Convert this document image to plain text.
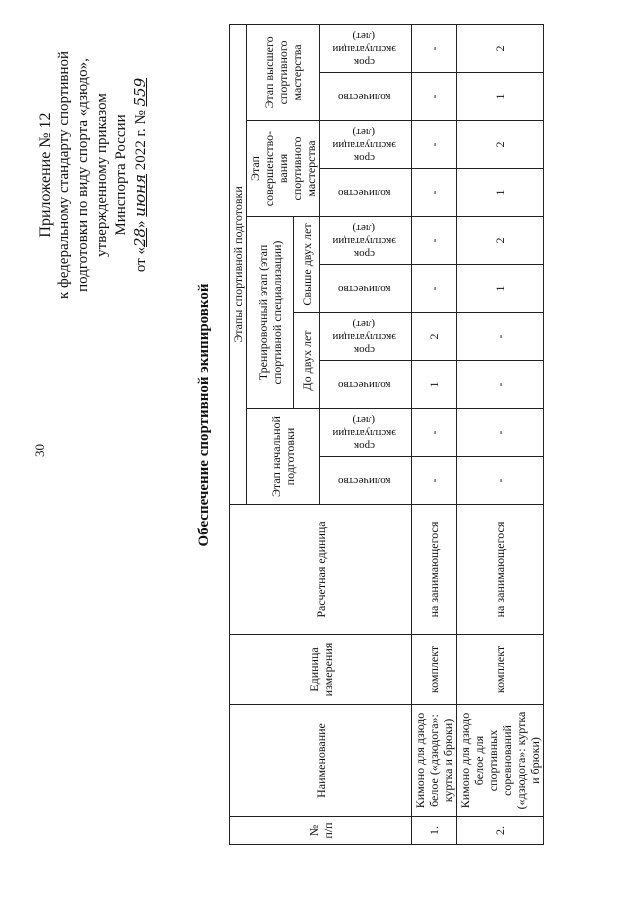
30
Приложение № 12 к федеральному стандарту спортивной подготовки по виду спорта «дзюдо», утвержденному приказом Минспорта России
от «28» июня 2022 г. № 559
Обеспечение спортивной экипировкой
№ п/п	Наименование	Единица измерения	Расчетная единица	Этапы спортивной подготовки									
				Этап начальной подготовки		Тренировочный этап (этап спортивной специализации)				Этап совершенство-вания спортивного мастерства		Этап высшего спортивного мастерства	
						До двух лет		Свыше двух лет					
				количество	срок эксплуатации (лет)	количество	срок эксплуатации (лет)	количество	срок эксплуатации (лет)	количество	срок эксплуатации (лет)	количество	срок эксплуатации (лет)
1.	Кимоно для дзюдо белое («дзюдога»: куртка и брюки)	комплект	на занимающегося	-	-	1	2	-	-	-	-	-	-
2.	Кимоно для дзюдо белое для спортивных соревнований («дзюдога»: куртка и брюки)	комплект	на занимающегося	-	-	-	-	1	2	1	2	1	2
